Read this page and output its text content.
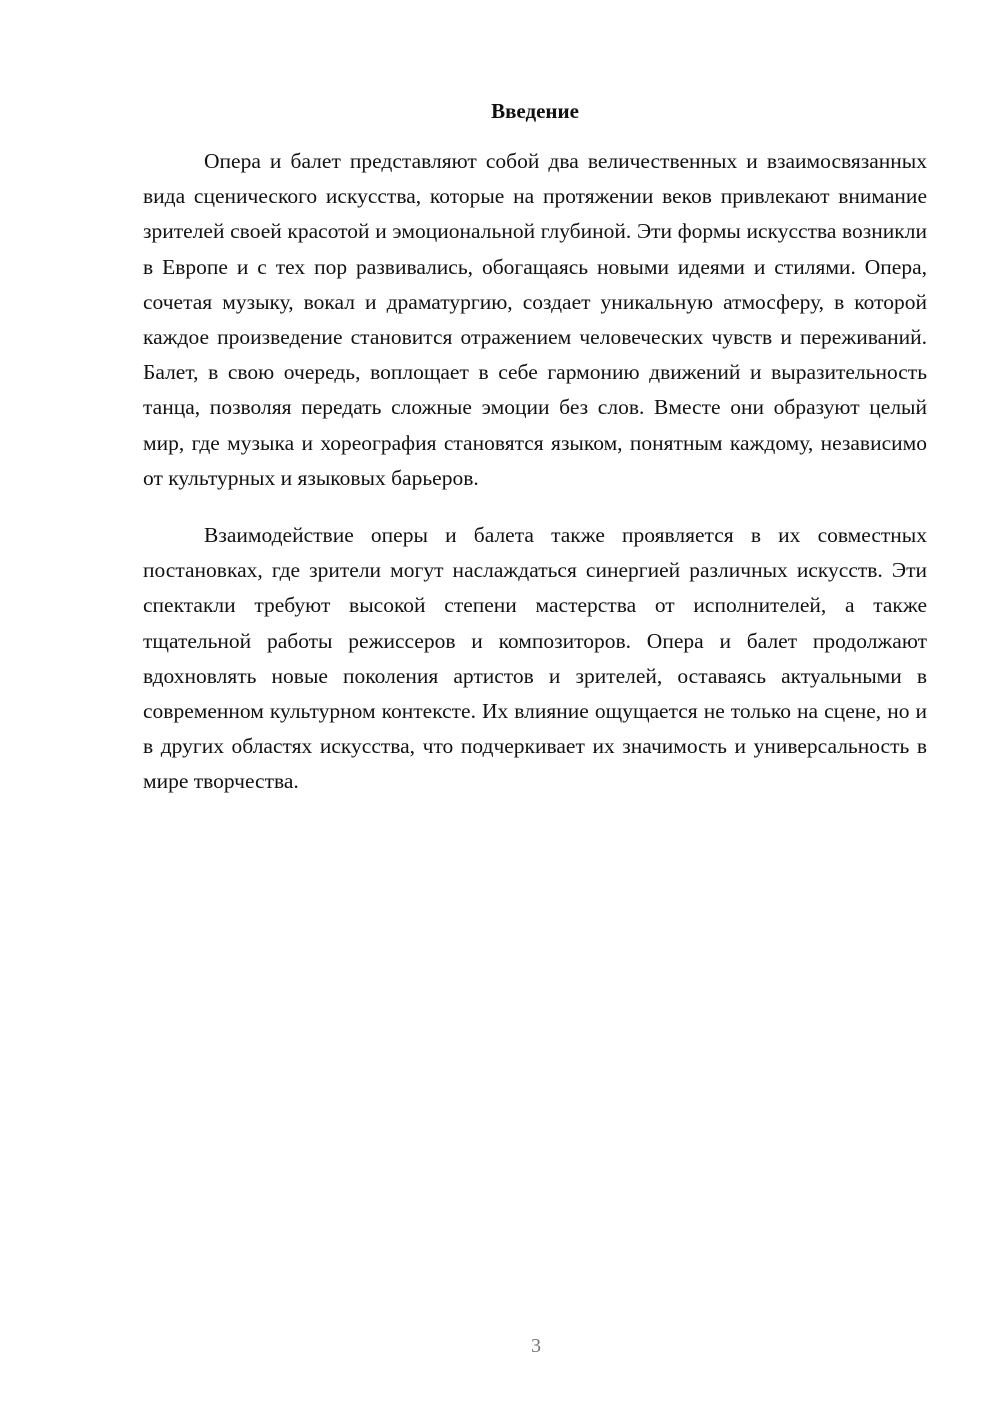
Введение

Опера и балет представляют собой два величественных и взаимосвязанных вида сценического искусства, которые на протяжении веков привлекают внимание зрителей своей красотой и эмоциональной глубиной. Эти формы искусства возникли в Европе и с тех пор развивались, обогащаясь новыми идеями и стилями. Опера, сочетая музыку, вокал и драматургию, создает уникальную атмосферу, в которой каждое произведение становится отражением человеческих чувств и переживаний. Балет, в свою очередь, воплощает в себе гармонию движений и выразительность танца, позволяя передать сложные эмоции без слов. Вместе они образуют целый мир, где музыка и хореография становятся языком, понятным каждому, независимо от культурных и языковых барьеров.

Взаимодействие оперы и балета также проявляется в их совместных постановках, где зрители могут наслаждаться синергией различных искусств. Эти спектакли требуют высокой степени мастерства от исполнителей, а также тщательной работы режиссеров и композиторов. Опера и балет продолжают вдохновлять новые поколения артистов и зрителей, оставаясь актуальными в современном культурном контексте. Их влияние ощущается не только на сцене, но и в других областях искусства, что подчеркивает их значимость и универсальность в мире творчества.

3
